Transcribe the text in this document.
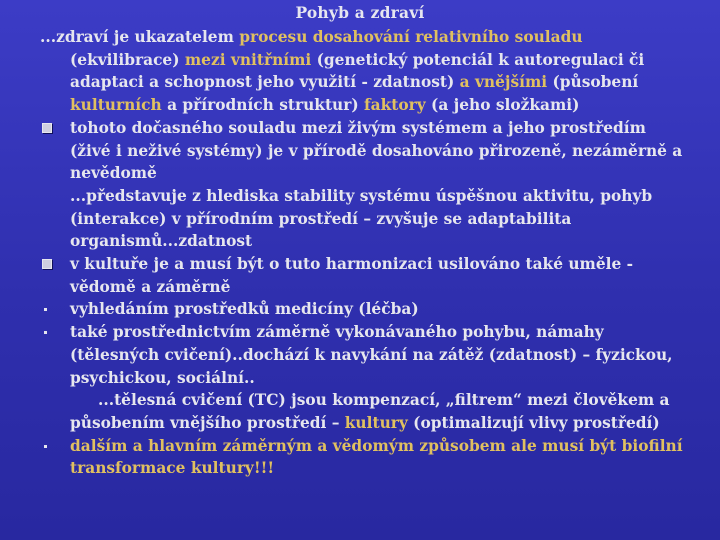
Pohyb a zdraví
...zdraví je ukazatelem procesu dosahování relativního souladu (ekvilibrace) mezi vnitřními (genetický potenciál k autoregulaci či adaptaci a schopnost jeho využití - zdatnost) a vnějšími (působení kulturních a přírodních struktur) faktory (a jeho složkami)
tohoto dočasného souladu mezi živým systémem a jeho prostředím (živé i neživé systémy) je v přírodě dosahováno přirozeně, nezáměrně a nevědomě
...představuje z hlediska stability systému úspěšnou aktivitu, pohyb (interakce) v přírodním prostředí – zvyšuje se adaptabilita organismů...zdatnost
v kultuře je a musí být o tuto harmonizaci usilováno také uměle - vědomě a záměrně
vyhledáním prostředků medicíny (léčba)
také prostřednictvím záměrně vykonávaného pohybu, námahy (tělesných cvičení)..dochází k navykání na zátěž (zdatnost) – fyzickou, psychickou, sociální..
...tělesná cvičení (TC) jsou kompenzací, „filtrem“ mezi člověkem a působením vnějšího prostředí – kultury (optimalizují vlivy prostředí)
dalším a hlavním záměrným a vědomým způsobem ale musí být biofilní transformace kultury!!!
